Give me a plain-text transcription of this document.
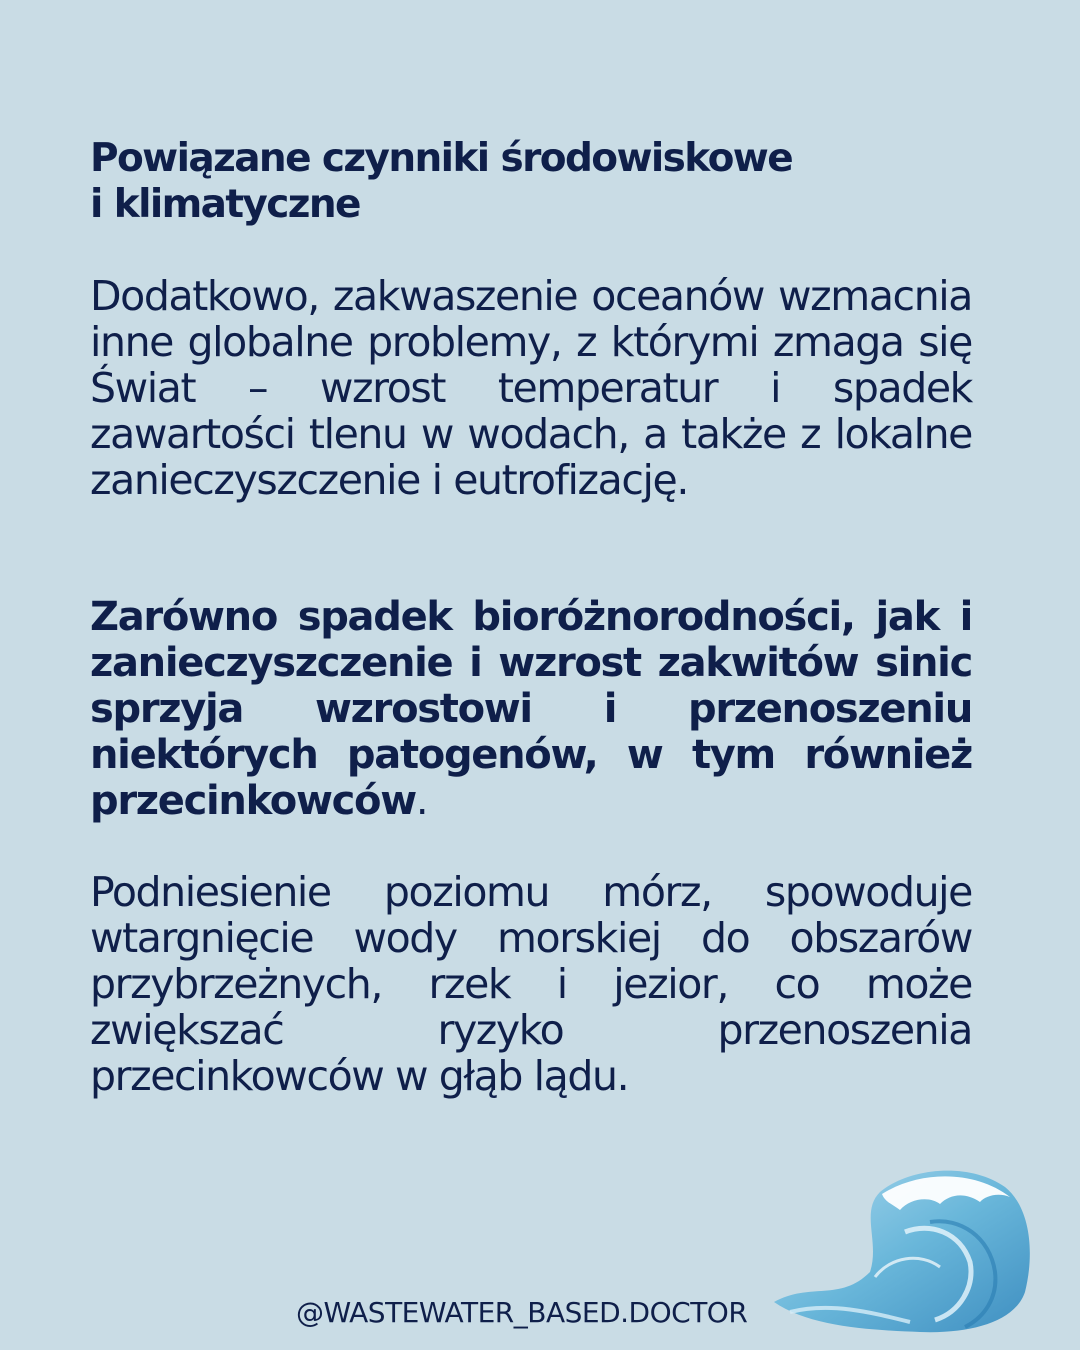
Powiązane czynniki środowiskowe
i klimatyczne

Dodatkowo, zakwaszenie oceanów wzmacnia inne globalne problemy, z którymi zmaga się Świat – wzrost temperatur i spadek zawartości tlenu w wodach, a także z lokalne zanieczyszczenie i eutrofizację.

Zarówno spadek bioróżnorodności, jak i zanieczyszczenie i wzrost zakwitów sinic sprzyja wzrostowi i przenoszeniu niektórych patogenów, w tym również przecinkowców.

Podniesienie poziomu mórz, spowoduje wtargnięcie wody morskiej do obszarów przybrzeżnych, rzek i jezior, co może zwiększać ryzyko przenoszenia przecinkowców w głąb lądu.

@WASTEWATER_BASED.DOCTOR
